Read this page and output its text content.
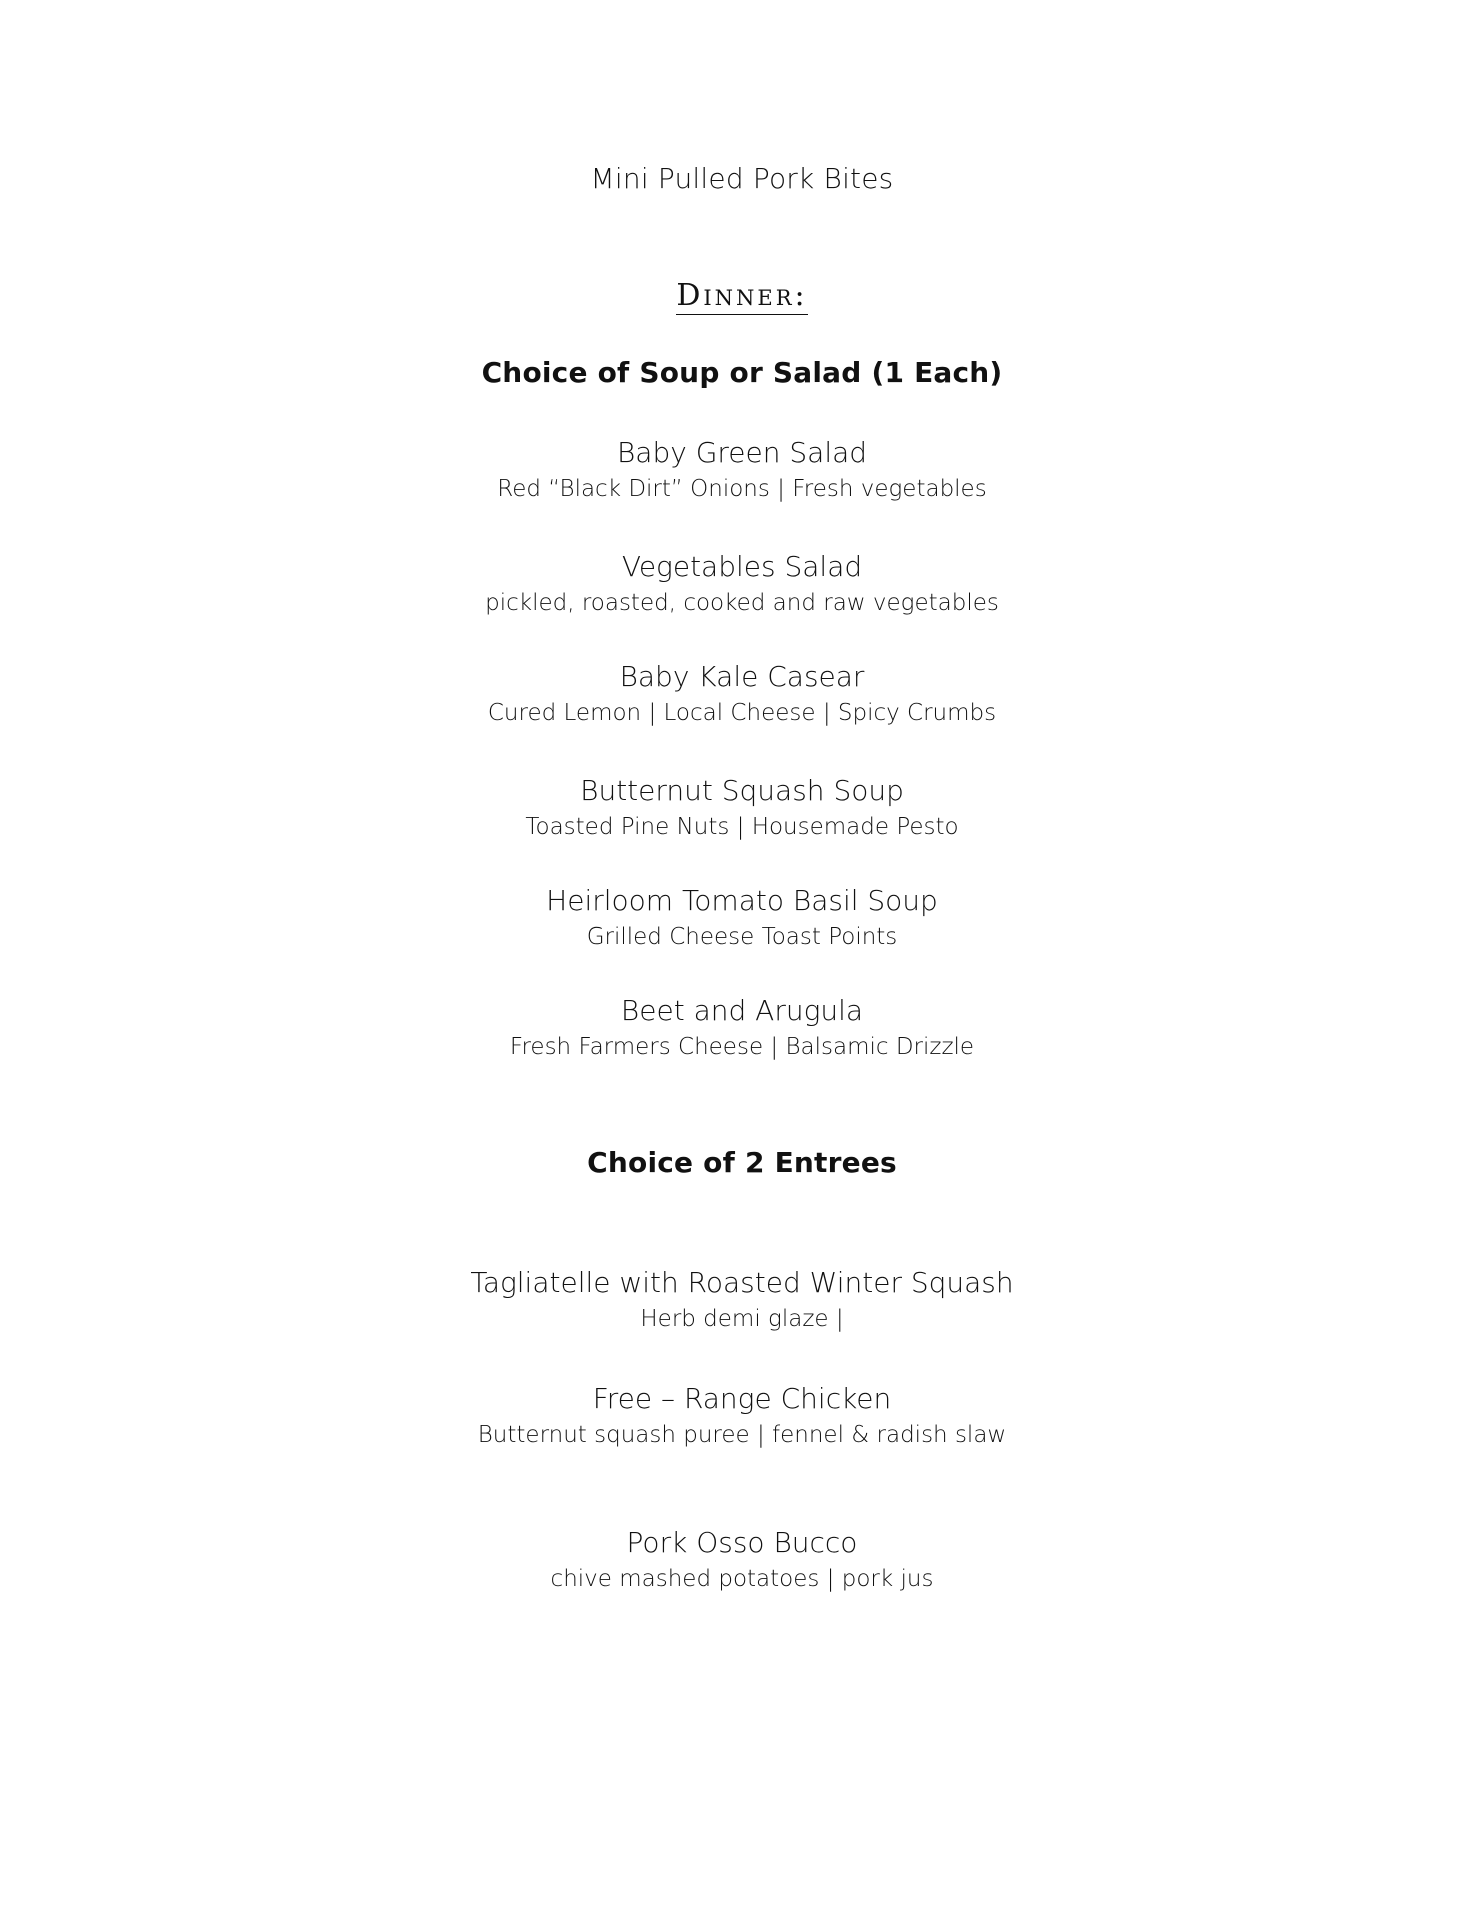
Mini Pulled Pork Bites
Dinner:
Choice of Soup or Salad (1 Each)
Baby Green Salad
Red “Black Dirt” Onions | Fresh vegetables
Vegetables Salad
pickled, roasted, cooked and raw vegetables
Baby Kale Casear
Cured Lemon | Local Cheese | Spicy Crumbs
Butternut Squash Soup
Toasted Pine Nuts | Housemade Pesto
Heirloom Tomato Basil Soup
Grilled Cheese Toast Points
Beet and Arugula
Fresh Farmers Cheese | Balsamic Drizzle
Choice of 2 Entrees
Tagliatelle with Roasted Winter Squash
Herb demi glaze |
Free – Range Chicken
Butternut squash puree | fennel & radish slaw
Pork Osso Bucco
chive mashed potatoes | pork jus
